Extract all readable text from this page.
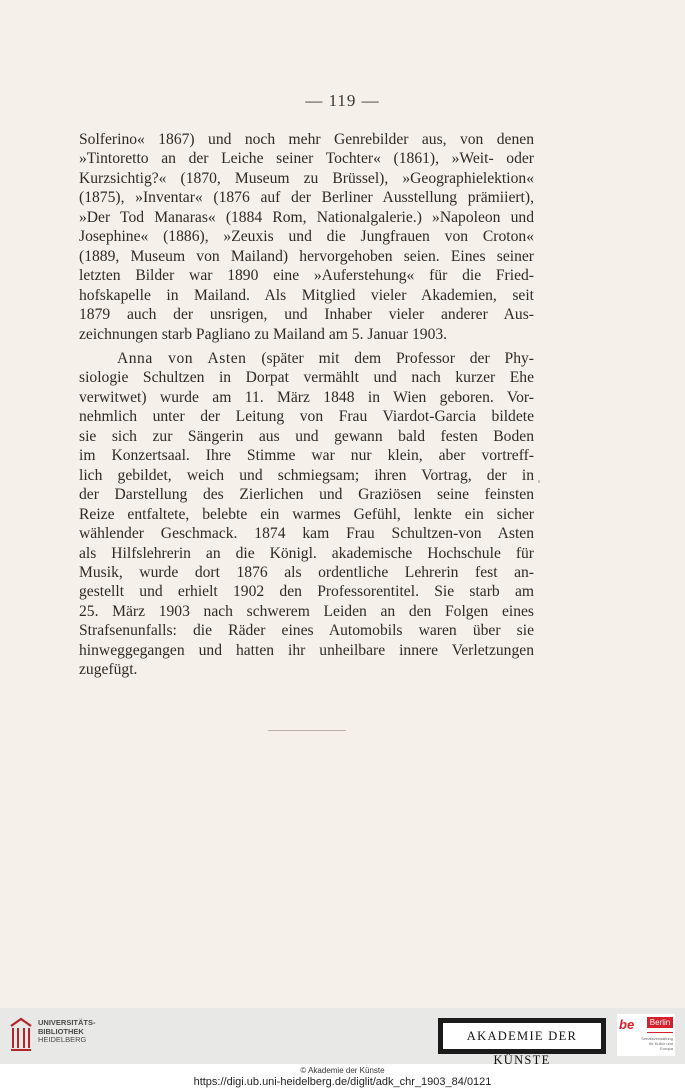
— 119 —
Solferino« 1867) und noch mehr Genrebilder aus, von denen
»Tintoretto an der Leiche seiner Tochter« (1861), »Weit- oder
Kurzsichtig?« (1870, Museum zu Brüssel), »Geographielektion«
(1875), »Inventar« (1876 auf der Berliner Ausstellung prämiiert),
»Der Tod Manaras« (1884 Rom, Nationalgalerie.) »Napoleon und
Josephine« (1886), »Zeuxis und die Jungfrauen von Croton«
(1889, Museum von Mailand) hervorgehoben seien. Eines seiner
letzten Bilder war 1890 eine »Auferstehung« für die Fried-
hofskapelle in Mailand. Als Mitglied vieler Akademien, seit
1879 auch der unsrigen, und Inhaber vieler anderer Aus-
zeichnungen starb Pagliano zu Mailand am 5. Januar 1903.
Anna von Asten (später mit dem Professor der Phy-
siologie Schultzen in Dorpat vermählt und nach kurzer Ehe
verwitwet) wurde am 11. März 1848 in Wien geboren. Vor-
nehmlich unter der Leitung von Frau Viardot-Garcia bildete
sie sich zur Sängerin aus und gewann bald festen Boden
im Konzertsaal. Ihre Stimme war nur klein, aber vortreff-
lich gebildet, weich und schmiegsam; ihren Vortrag, der in
der Darstellung des Zierlichen und Graziösen seine feinsten
Reize entfaltete, belebte ein warmes Gefühl, lenkte ein sicher
wählender Geschmack. 1874 kam Frau Schultzen-von Asten
als Hilfslehrerin an die Königl. akademische Hochschule für
Musik, wurde dort 1876 als ordentliche Lehrerin fest an-
gestellt und erhielt 1902 den Professorentitel. Sie starb am
25. März 1903 nach schwerem Leiden an den Folgen eines
Strafsenunfalls: die Räder eines Automobils waren über sie
hinweggegangen und hatten ihr unheilbare innere Verletzungen
zugefügt.
UNIVERSITÄTS-
BIBLIOTHEK
HEIDELBERG	AKADEMIE DER KÜNSTE
be	Berlin
Senatsverwaltung
für Kultur und Europa
© Akademie der Künste
https://digi.ub.uni-heidelberg.de/diglit/adk_chr_1903_84/0121
